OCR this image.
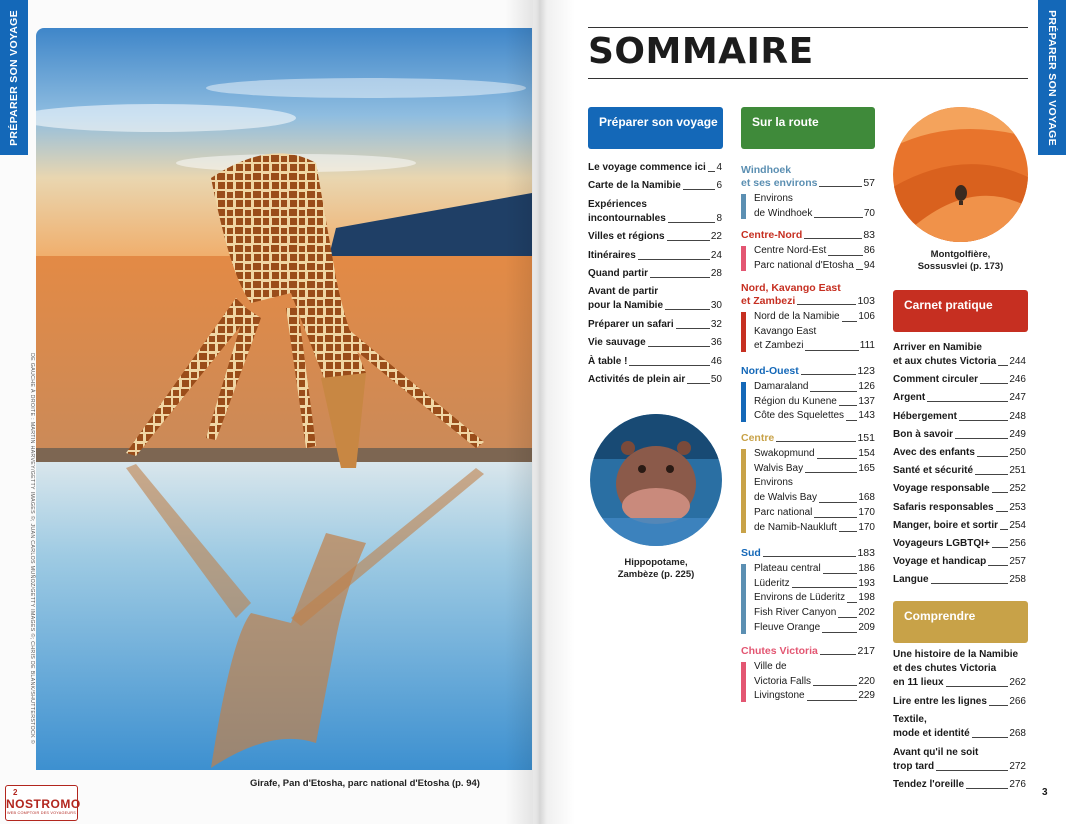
PRÉPARER SON VOYAGE
DE GAUCHE À DROITE : MARTIN HARVEY/GETTY IMAGES ©; JUAN CARLOS MUÑOZ/GETTY IMAGES ©; CHRIS DE BLANK/SHUTTERSTOCK ©
Girafe, Pan d'Etosha, parc national d'Etosha (p. 94)
2
NOSTROMO
WEB COMPTOIR DES VOYAGEURS
PRÉPARER SON VOYAGE
SOMMAIRE
Préparer son voyage
Le voyage commence ici 4
Carte de la Namibie	6
Expériences
incontournables	8
Villes et régions	22
Itinéraires	24
Quand partir	28
Avant de partir
pour la Namibie	30
Préparer un safari	32
Vie sauvage	36
À table !	46
Activités de plein air	50
Hippopotame,
Zambèze (p. 225)
Sur la route
Windhoek
et ses environs	57
Environs
de Windhoek	70
Centre-Nord	83
Centre Nord-Est	86
Parc national d'Etosha 94
Nord, Kavango East
et Zambezi	103
Nord de la Namibie 106
Kavango East
et Zambezi	111
Nord-Ouest	123
Damaraland	126
Région du Kunene 137
Côte des Squelettes 143
Centre	151
Swakopmund	154
Walvis Bay	165
Environs
de Walvis Bay	168
Parc national	170
de Namib-Naukluft 170
Sud	183
Plateau central	186
Lüderitz	193
Environs de Lüderitz 198
Fish River Canyon 202
Fleuve Orange	209
Chutes Victoria	217
Ville de
Victoria Falls	220
Livingstone	229
Montgolfière,
Sossusvlei (p. 173)
Carnet pratique
Arriver en Namibie
et aux chutes Victoria 244
Comment circuler	246
Argent	247
Hébergement	248
Bon à savoir	249
Avec des enfants	250
Santé et sécurité	251
Voyage responsable 252
Safaris responsables 253
Manger, boire et sortir 254
Voyageurs LGBTQI+ 256
Voyage et handicap 257
Langue	258
Comprendre
Une histoire de la Namibie
et des chutes Victoria
en 11 lieux	262
Lire entre les lignes 266
Textile,
mode et identité	268
Avant qu'il ne soit
trop tard	272
Tendez l'oreille	276
3
